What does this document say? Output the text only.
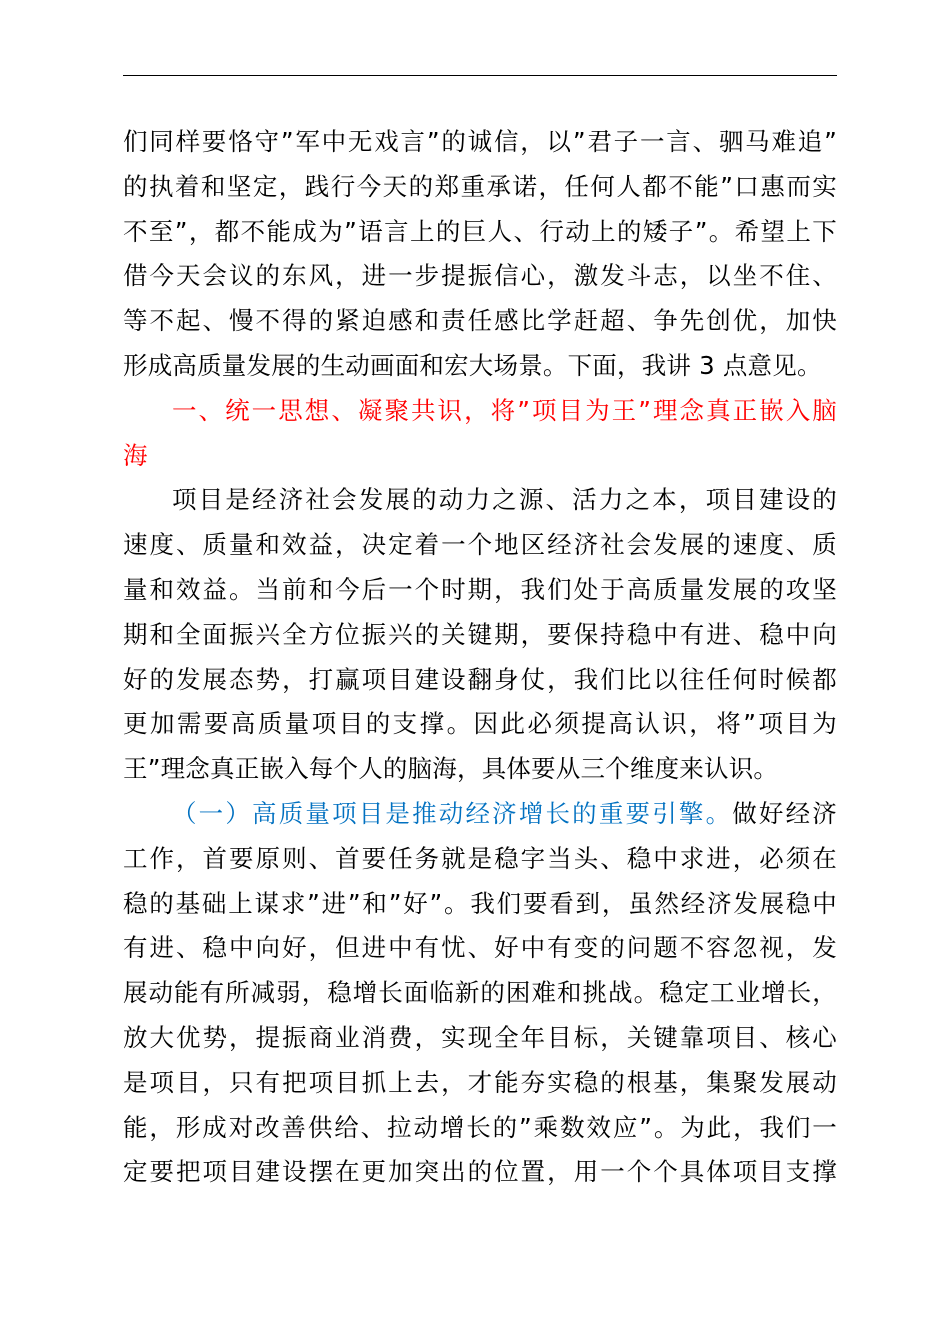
们同样要恪守”军中无戏言”的诚信，以”君子一言、驷马难追”
的执着和坚定，践行今天的郑重承诺，任何人都不能”口惠而实
不至”，都不能成为”语言上的巨人、行动上的矮子”。希望上下
借今天会议的东风，进一步提振信心，激发斗志，以坐不住、
等不起、慢不得的紧迫感和责任感比学赶超、争先创优，加快
形成高质量发展的生动画面和宏大场景。下面，我讲 3 点意见。
一、统一思想、凝聚共识，将”项目为王”理念真正嵌入脑
海
项目是经济社会发展的动力之源、活力之本，项目建设的
速度、质量和效益，决定着一个地区经济社会发展的速度、质
量和效益。当前和今后一个时期，我们处于高质量发展的攻坚
期和全面振兴全方位振兴的关键期，要保持稳中有进、稳中向
好的发展态势，打赢项目建设翻身仗，我们比以往任何时候都
更加需要高质量项目的支撑。因此必须提高认识，将”项目为
王”理念真正嵌入每个人的脑海，具体要从三个维度来认识。
（一）高质量项目是推动经济增长的重要引擎。做好经济
工作，首要原则、首要任务就是稳字当头、稳中求进，必须在
稳的基础上谋求”进”和”好”。我们要看到，虽然经济发展稳中
有进、稳中向好，但进中有忧、好中有变的问题不容忽视，发
展动能有所减弱，稳增长面临新的困难和挑战。稳定工业增长，
放大优势，提振商业消费，实现全年目标，关键靠项目、核心
是项目，只有把项目抓上去，才能夯实稳的根基，集聚发展动
能，形成对改善供给、拉动增长的”乘数效应”。为此，我们一
定要把项目建设摆在更加突出的位置，用一个个具体项目支撑
